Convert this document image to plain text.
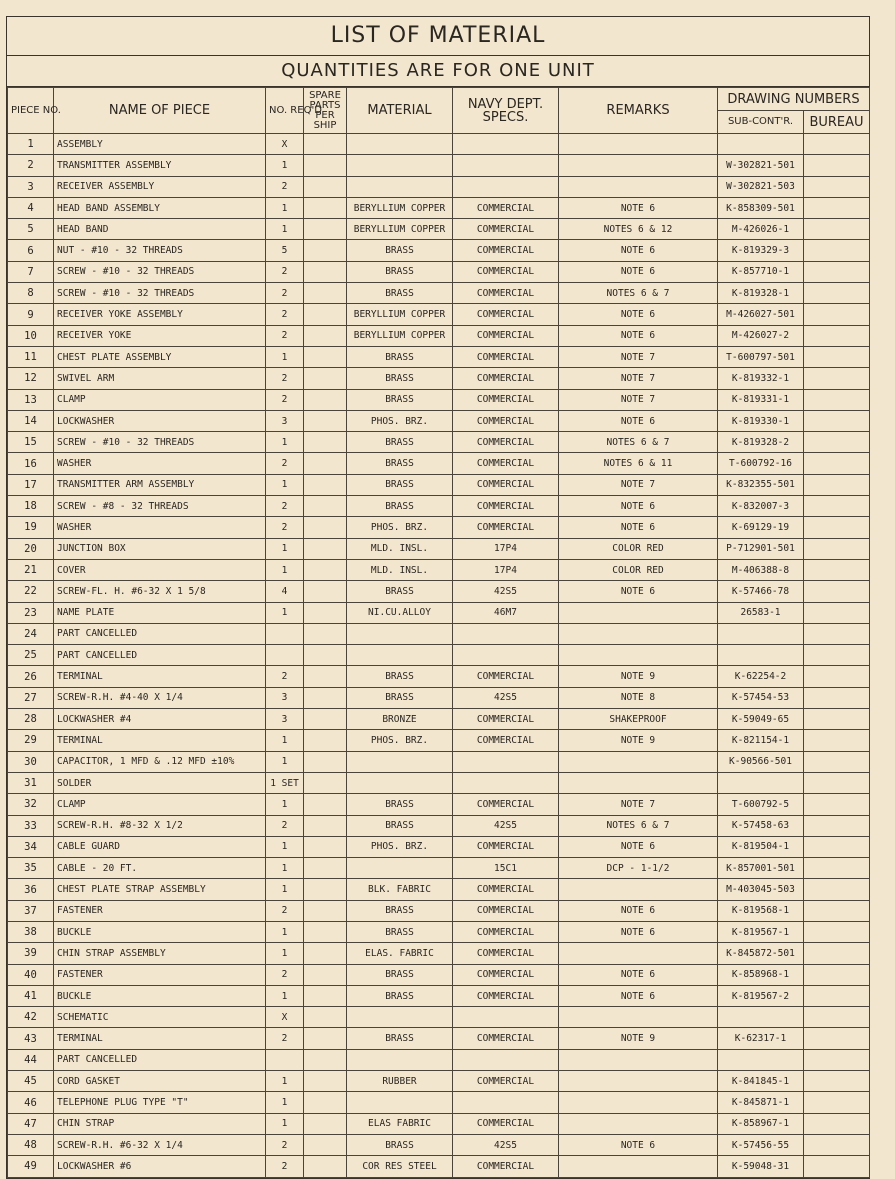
LIST OF MATERIAL
QUANTITIES ARE FOR ONE UNIT
PIECE NO.	NAME OF PIECE	NO. REQ'D	SPARE PARTS PER SHIP	MATERIAL	NAVY DEPT. SPECS.	REMARKS	DRAWING NUMBERS	
							SUB-CONT'R.	BUREAU
1	ASSEMBLY	X						
2	TRANSMITTER ASSEMBLY	1					W-302821-501	
3	RECEIVER ASSEMBLY	2					W-302821-503	
4	HEAD BAND ASSEMBLY	1		BERYLLIUM COPPER	COMMERCIAL	NOTE 6	K-858309-501	
5	HEAD BAND	1		BERYLLIUM COPPER	COMMERCIAL	NOTES 6 & 12	M-426026-1	
6	NUT - #10 - 32 THREADS	5		BRASS	COMMERCIAL	NOTE 6	K-819329-3	
7	SCREW - #10 - 32 THREADS	2		BRASS	COMMERCIAL	NOTE 6	K-857710-1	
8	SCREW - #10 - 32 THREADS	2		BRASS	COMMERCIAL	NOTES 6 & 7	K-819328-1	
9	RECEIVER YOKE ASSEMBLY	2		BERYLLIUM COPPER	COMMERCIAL	NOTE 6	M-426027-501	
10	RECEIVER YOKE	2		BERYLLIUM COPPER	COMMERCIAL	NOTE 6	M-426027-2	
11	CHEST PLATE ASSEMBLY	1		BRASS	COMMERCIAL	NOTE 7	T-600797-501	
12	SWIVEL ARM	2		BRASS	COMMERCIAL	NOTE 7	K-819332-1	
13	CLAMP	2		BRASS	COMMERCIAL	NOTE 7	K-819331-1	
14	LOCKWASHER	3		PHOS. BRZ.	COMMERCIAL	NOTE 6	K-819330-1	
15	SCREW - #10 - 32 THREADS	1		BRASS	COMMERCIAL	NOTES 6 & 7	K-819328-2	
16	WASHER	2		BRASS	COMMERCIAL	NOTES 6 & 11	T-600792-16	
17	TRANSMITTER ARM ASSEMBLY	1		BRASS	COMMERCIAL	NOTE 7	K-832355-501	
18	SCREW - #8 - 32 THREADS	2		BRASS	COMMERCIAL	NOTE 6	K-832007-3	
19	WASHER	2		PHOS. BRZ.	COMMERCIAL	NOTE 6	K-69129-19	
20	JUNCTION BOX	1		MLD. INSL.	17P4	COLOR RED	P-712901-501	
21	COVER	1		MLD. INSL.	17P4	COLOR RED	M-406388-8	
22	SCREW-FL. H. #6-32 X 1 5/8	4		BRASS	42S5	NOTE 6	K-57466-78	
23	NAME PLATE	1		NI.CU.ALLOY	46M7		26583-1	
24	PART CANCELLED							
25	PART CANCELLED							
26	TERMINAL	2		BRASS	COMMERCIAL	NOTE 9	K-62254-2	
27	SCREW-R.H. #4-40 X 1/4	3		BRASS	42S5	NOTE 8	K-57454-53	
28	LOCKWASHER #4	3		BRONZE	COMMERCIAL	SHAKEPROOF	K-59049-65	
29	TERMINAL	1		PHOS. BRZ.	COMMERCIAL	NOTE 9	K-821154-1	
30	CAPACITOR, 1 MFD & .12 MFD ±10%	1					K-90566-501	
31	SOLDER	1 SET						
32	CLAMP	1		BRASS	COMMERCIAL	NOTE 7	T-600792-5	
33	SCREW-R.H. #8-32 X 1/2	2		BRASS	42S5	NOTES 6 & 7	K-57458-63	
34	CABLE GUARD	1		PHOS. BRZ.	COMMERCIAL	NOTE 6	K-819504-1	
35	CABLE - 20 FT.	1			15C1	DCP - 1-1/2	K-857001-501	
36	CHEST PLATE STRAP ASSEMBLY	1		BLK. FABRIC	COMMERCIAL		M-403045-503	
37	FASTENER	2		BRASS	COMMERCIAL	NOTE 6	K-819568-1	
38	BUCKLE	1		BRASS	COMMERCIAL	NOTE 6	K-819567-1	
39	CHIN STRAP ASSEMBLY	1		ELAS. FABRIC	COMMERCIAL		K-845872-501	
40	FASTENER	2		BRASS	COMMERCIAL	NOTE 6	K-858968-1	
41	BUCKLE	1		BRASS	COMMERCIAL	NOTE 6	K-819567-2	
42	SCHEMATIC	X						
43	TERMINAL	2		BRASS	COMMERCIAL	NOTE 9	K-62317-1	
44	PART CANCELLED							
45	CORD GASKET	1		RUBBER	COMMERCIAL		K-841845-1	
46	TELEPHONE PLUG TYPE "T"	1					K-845871-1	
47	CHIN STRAP	1		ELAS FABRIC	COMMERCIAL		K-858967-1	
48	SCREW-R.H. #6-32 X 1/4	2		BRASS	42S5	NOTE 6	K-57456-55	
49	LOCKWASHER #6	2		COR RES STEEL	COMMERCIAL		K-59048-31	
